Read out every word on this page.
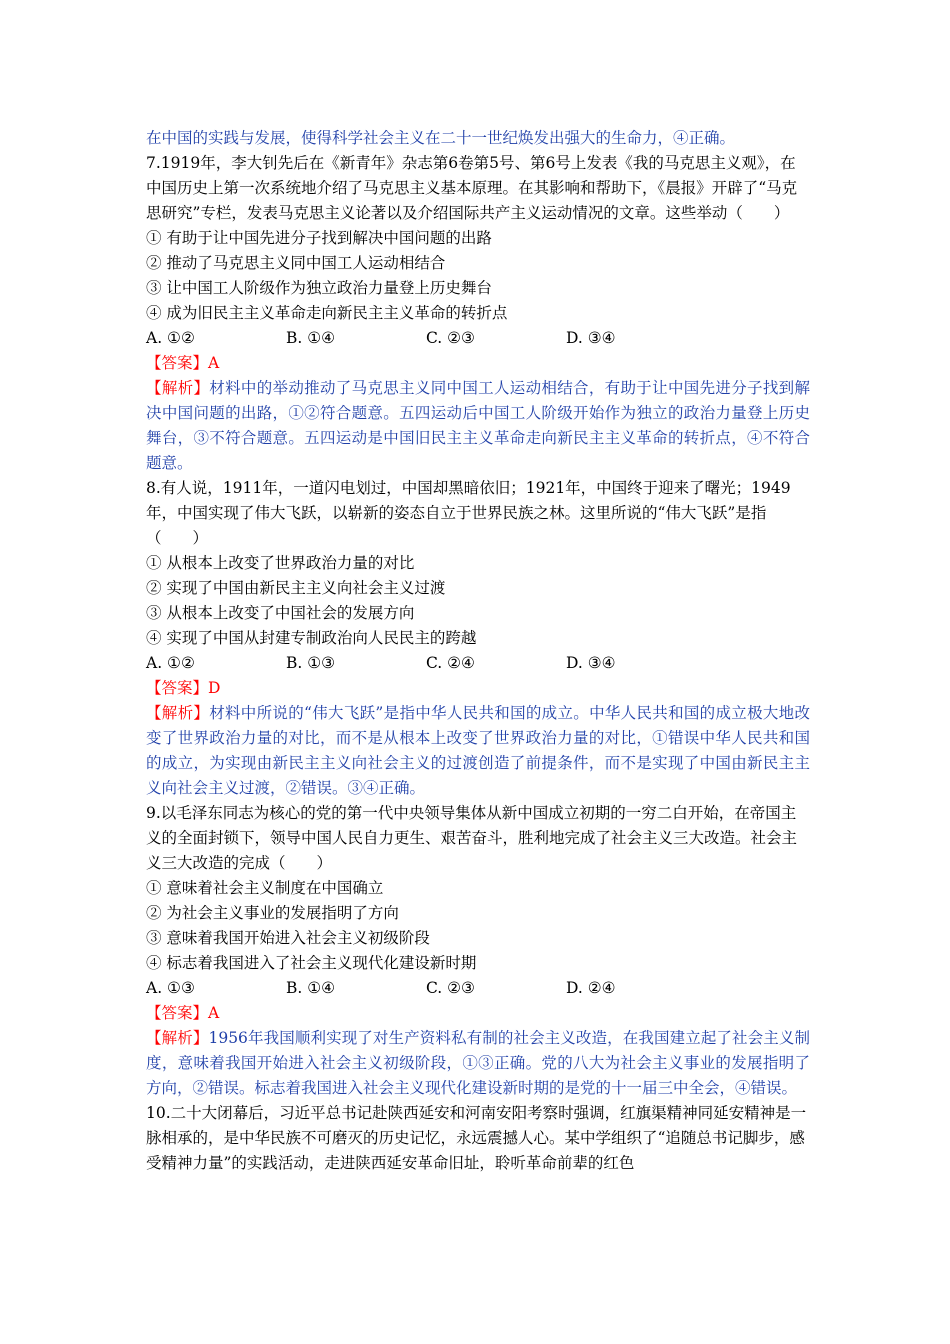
在中国的实践与发展，使得科学社会主义在二十一世纪焕发出强大的生命力，④正确。

7.1919年，李大钊先后在《新青年》杂志第6卷第5号、第6号上发表《我的马克思主义观》，在中国历史上第一次系统地介绍了马克思主义基本原理。在其影响和帮助下，《晨报》开辟了“马克思研究”专栏，发表马克思主义论著以及介绍国际共产主义运动情况的文章。这些举动（　　）

① 有助于让中国先进分子找到解决中国问题的出路

② 推动了马克思主义同中国工人运动相结合

③ 让中国工人阶级作为独立政治力量登上历史舞台

④ 成为旧民主主义革命走向新民主主义革命的转折点

A. ①②	B. ①④	C. ②③	D. ③④

【答案】A

【解析】材料中的举动推动了马克思主义同中国工人运动相结合，有助于让中国先进分子找到解决中国问题的出路，①②符合题意。五四运动后中国工人阶级开始作为独立的政治力量登上历史舞台，③不符合题意。五四运动是中国旧民主主义革命走向新民主主义革命的转折点，④不符合题意。

8.有人说，1911年，一道闪电划过，中国却黑暗依旧；1921年，中国终于迎来了曙光；1949年，中国实现了伟大飞跃，以崭新的姿态自立于世界民族之林。这里所说的“伟大飞跃”是指（　　）

① 从根本上改变了世界政治力量的对比

② 实现了中国由新民主主义向社会主义过渡

③ 从根本上改变了中国社会的发展方向

④ 实现了中国从封建专制政治向人民民主的跨越

A. ①②	B. ①③	C. ②④	D. ③④

【答案】D

【解析】材料中所说的“伟大飞跃”是指中华人民共和国的成立。中华人民共和国的成立极大地改变了世界政治力量的对比，而不是从根本上改变了世界政治力量的对比，①错误中华人民共和国的成立，为实现由新民主主义向社会主义的过渡创造了前提条件，而不是实现了中国由新民主主义向社会主义过渡，②错误。③④正确。

9.以毛泽东同志为核心的党的第一代中央领导集体从新中国成立初期的一穷二白开始，在帝国主义的全面封锁下，领导中国人民自力更生、艰苦奋斗，胜利地完成了社会主义三大改造。社会主义三大改造的完成（　　）

① 意味着社会主义制度在中国确立

② 为社会主义事业的发展指明了方向

③ 意味着我国开始进入社会主义初级阶段

④ 标志着我国进入了社会主义现代化建设新时期

A. ①③	B. ①④	C. ②③	D. ②④

【答案】A

【解析】1956年我国顺利实现了对生产资料私有制的社会主义改造，在我国建立起了社会主义制度，意味着我国开始进入社会主义初级阶段，①③正确。党的八大为社会主义事业的发展指明了方向，②错误。标志着我国进入社会主义现代化建设新时期的是党的十一届三中全会，④错误。

10.二十大闭幕后，习近平总书记赴陕西延安和河南安阳考察时强调，红旗渠精神同延安精神是一脉相承的，是中华民族不可磨灭的历史记忆，永远震撼人心。某中学组织了“追随总书记脚步，感受精神力量”的实践活动，走进陕西延安革命旧址，聆听革命前辈的红色
